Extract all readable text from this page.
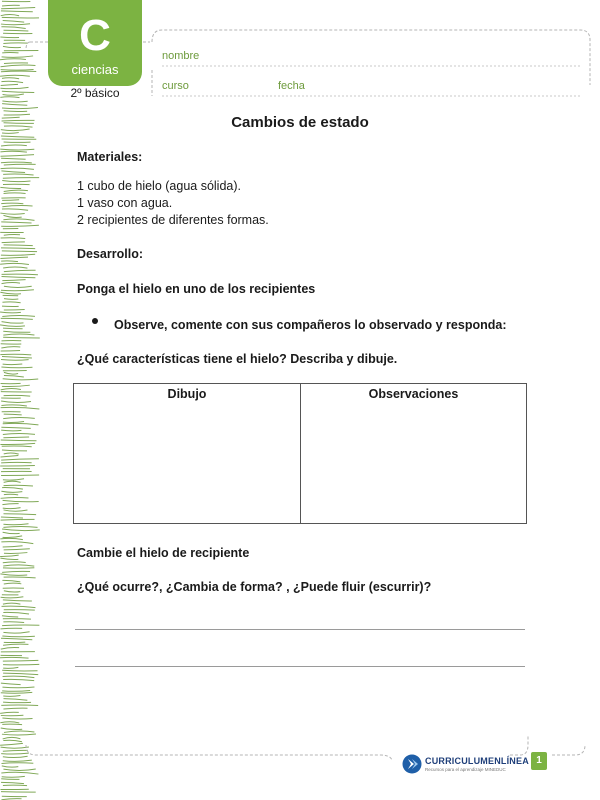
C
ciencias
2º básico
nombre
curso	fecha
Cambios de estado
Materiales:
1 cubo de hielo (agua sólida).
1 vaso con agua.
2 recipientes de diferentes formas.
Desarrollo:
Ponga el hielo en uno de los recipientes
Observe, comente con sus compañeros lo observado y responda:
¿Qué características tiene el hielo? Describa y dibuje.
Dibujo	Observaciones
Cambie el hielo de recipiente
¿Qué ocurre?, ¿Cambia de forma? , ¿Puede fluir (escurrir)?
CURRICULUMENLÍNEA
Recursos para el aprendizaje MINEDUC
1
